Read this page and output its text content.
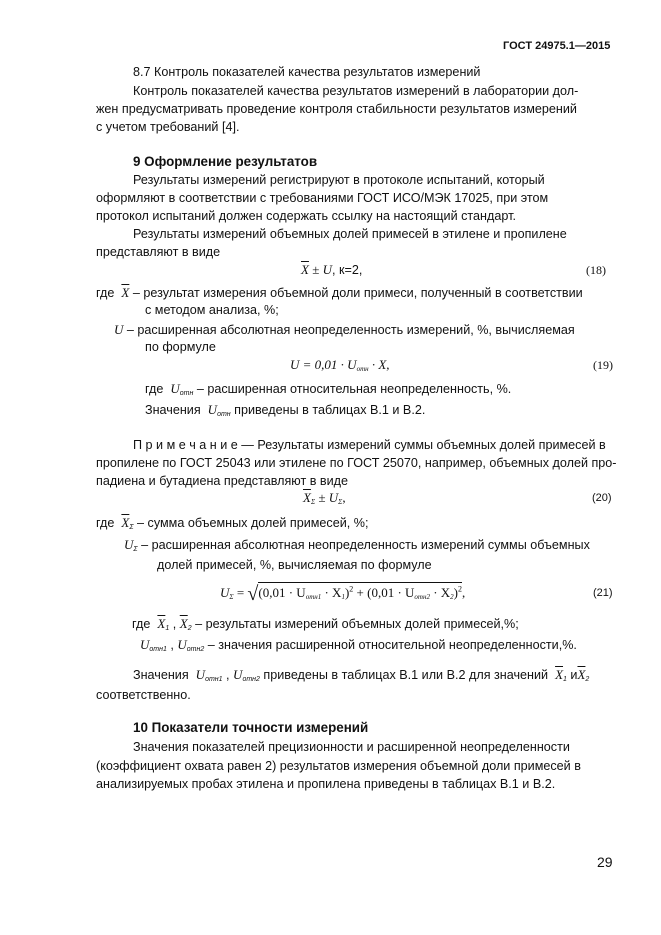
ГОСТ 24975.1—2015
8.7 Контроль показателей качества результатов измерений
Контроль показателей качества результатов измерений в лаборатории дол-
жен предусматривать проведение контроля стабильности результатов измерений
с учетом требований [4].
9 Оформление результатов
Результаты измерений регистрируют в протоколе испытаний, который
оформляют в соответствии с требованиями ГОСТ ИСО/МЭК 17025, при этом
протокол испытаний должен содержать ссылку на настоящий стандарт.
Результаты измерений объемных долей примесей в этилене и пропилене
представляют в виде
$\overline{X} \pm U$, к=2,	(18)
где $\overline{X}$ – результат измерения объемной доли примеси, полученный в соответствии
с методом анализа, %;
U – расширенная абсолютная неопределенность измерений, %, вычисляемая
по формуле
$U = 0,01 \cdot U_{отн} \cdot X$,	(19)
где $U_{отн}$ – расширенная относительная неопределенность, %.
Значения $U_{отн}$ приведены в таблицах В.1 и В.2.
П р и м е ч а н и е — Результаты измерений суммы объемных долей примесей в
пропилене по ГОСТ 25043 или этилене по ГОСТ 25070, например, объемных долей про-
падиена и бутадиена представляют в виде
$\overline{X}_\Sigma \pm U_\Sigma$,	(20)
где $\overline{X}_\Sigma$ – сумма объемных долей примесей, %;
$U_\Sigma$ – расширенная абсолютная неопределенность измерений суммы объемных
долей примесей, %, вычисляемая по формуле
$U_\Sigma = √(0,01 \cdot U_{отн1} \cdot X_1)^2 + (0,01 \cdot U_{отн2} \cdot X_2)^2$,	(21)
где $\overline{X}_1$ , $\overline{X}_2$ – результаты измерений объемных долей примесей,%;
$U_{отн1}$ , $U_{отн2}$ – значения расширенной относительной неопределенности,%.
Значения $U_{отн1}$ , $U_{отн2}$ приведены в таблицах В.1 или В.2 для значений $\overline{X}_1$ $и\overline{X}_2$
соответственно.
10 Показатели точности измерений
Значения показателей прецизионности и расширенной неопределенности
(коэффициент охвата равен 2) результатов измерения объемной доли примесей в
анализируемых пробах этилена и пропилена приведены в таблицах В.1 и В.2.
29
